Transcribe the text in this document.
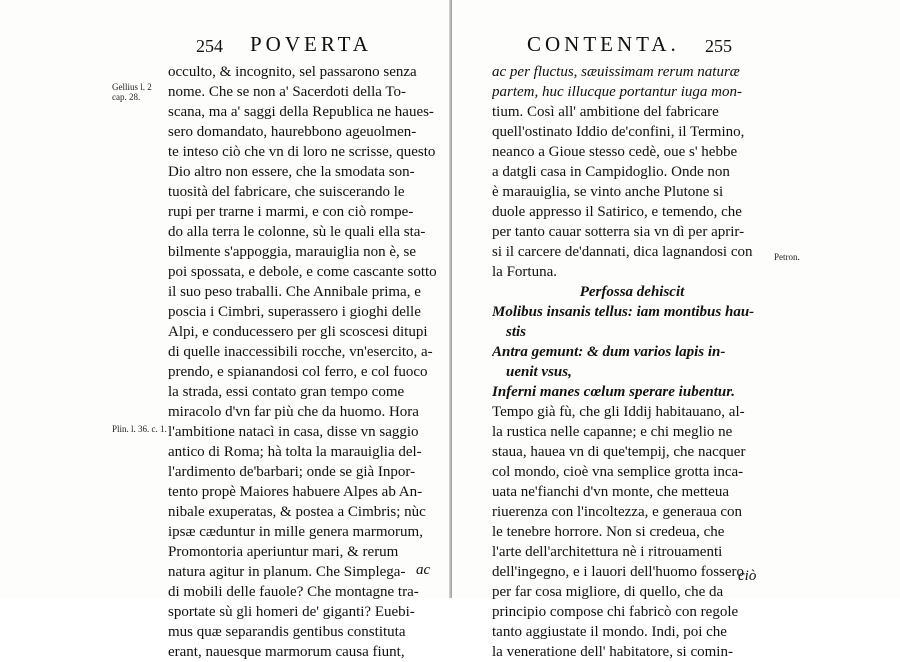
254 POVERTA
Gellius l. 2 cap. 28.
Plin. l. 36. c. 1.
occulto, & incognito, sel passarono senza
nome. Che se non a' Sacerdoti della To-
scana, ma a' saggi della Republica ne haues-
sero domandato, haurebbono ageuolmen-
te inteso ciò che vn di loro ne scrisse, questo
Dio altro non essere, che la smodata son-
tuosità del fabricare, che suiscerando le
rupi per trarne i marmi, e con ciò rompe-
do alla terra le colonne, sù le quali ella sta-
bilmente s'appoggia, marauiglia non è, se
poi spossata, e debole, e come cascante sotto
il suo peso traballi. Che Annibale prima, e
poscia i Cimbri, superassero i gioghi delle
Alpi, e conducessero per gli scoscesi ditupi
di quelle inaccessibili rocche, vn'esercito, a-
prendo, e spianandosi col ferro, e col fuoco
la strada, essi contato gran tempo come
miracolo d'vn far più che da huomo. Hora
l'ambitione natacì in casa, disse vn saggio
antico di Roma; hà tolta la marauiglia del-
l'ardimento de'barbari; onde se già Inpor-
tento propè Maiores habuere Alpes ab An-
nibale exuperatas, & postea a Cimbris; nùc
ipsæ cæduntur in mille genera marmorum,
Promontoria aperiuntur mari, & rerum
natura agitur in planum. Che Simplega-
di mobili delle fauole? Che montagne tra-
sportate sù gli homeri de' giganti? Euebi-
mus quæ separandis gentibus constituta
erant, nauesque marmorum causa fiunt,
ac
CONTENTA. 255
Petron.
ac per fluctus, sæuissimam rerum naturæ
partem, huc illucque portantur iuga mon-
tium. Così all' ambitione del fabricare
quell'ostinato Iddio de'confini, il Termino,
neanco a Gioue stesso cedè, oue s' hebbe
a datgli casa in Campidoglio. Onde non
è marauiglia, se vinto anche Plutone si
duole appresso il Satirico, e temendo, che
per tanto cauar sotterra sia vn dì per aprir-
si il carcere de'dannati, dica lagnandosi con
la Fortuna.
Perfossa dehiscit
Molibus insanis tellus: iam montibus hau-
stis
Antra gemunt: & dum varios lapis in-
uenit vsus,
Inferni manes cœlum sperare iubentur.
Tempo già fù, che gli Iddij habitauano, al-
la rustica nelle capanne; e chi meglio ne
staua, hauea vn di que'tempij, che nacquer
col mondo, cioè vna semplice grotta inca-
uata ne'fianchi d'vn monte, che metteua
riuerenza con l'incoltezza, e generaua con
le tenebre horrore. Non si credeua, che
l'arte dell'architettura nè i ritrouamenti
dell'ingegno, e i lauori dell'huomo fossero
per far cosa migliore, di quello, che da
principio compose chi fabricò con regole
tanto aggiustate il mondo. Indi, poi che
la veneratione dell' habitatore, si comin-
ciò
